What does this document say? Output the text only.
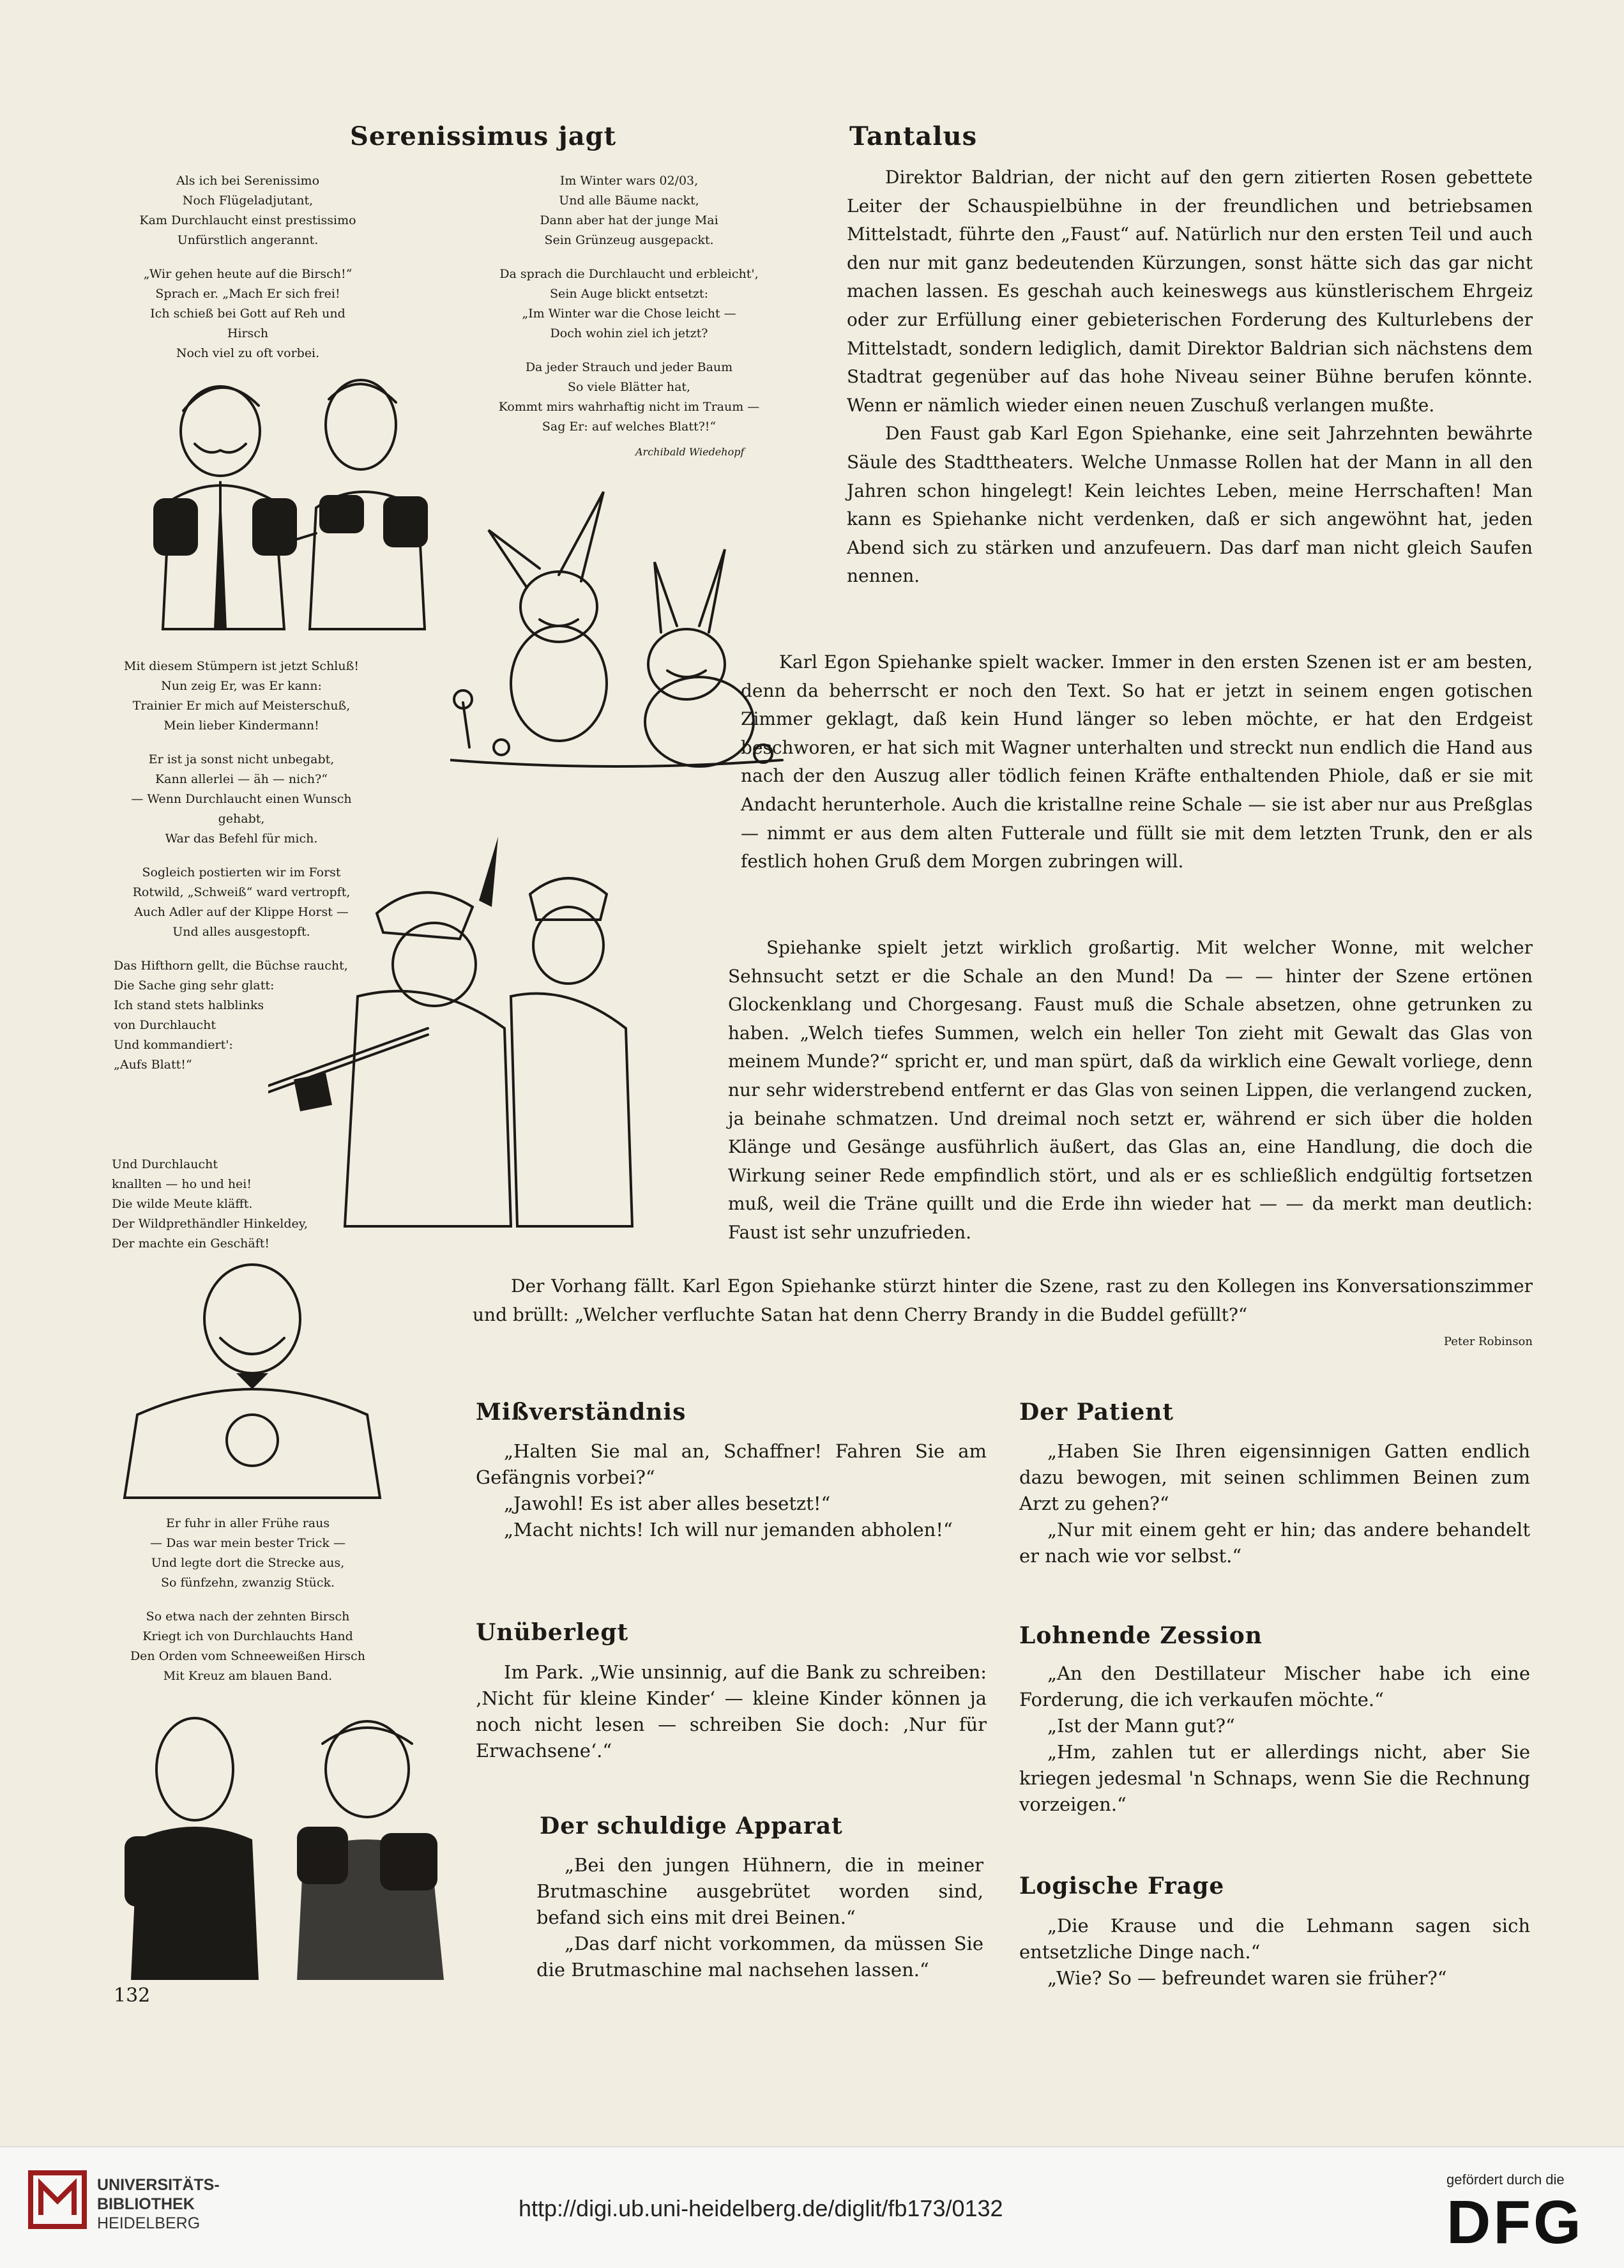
Serenissimus jagt

Als ich bei Serenissimo

Noch Flügeladjutant,

Kam Durchlaucht einst prestissimo

Unfürstlich angerannt.

„Wir gehen heute auf die Birsch!“

Sprach er. „Mach Er sich frei!

Ich schieß bei Gott auf Reh und Hirsch

Noch viel zu oft vorbei.

Im Winter wars 02/03,

Und alle Bäume nackt,

Dann aber hat der junge Mai

Sein Grünzeug ausgepackt.

Da sprach die Durchlaucht und erbleicht',

Sein Auge blickt entsetzt:

„Im Winter war die Chose leicht —

Doch wohin ziel ich jetzt?

Da jeder Strauch und jeder Baum

So viele Blätter hat,

Kommt mirs wahrhaftig nicht im Traum —

Sag Er: auf welches Blatt?!“

Archibald Wiedehopf

Mit diesem Stümpern ist jetzt Schluß!

Nun zeig Er, was Er kann:

Trainier Er mich auf Meisterschuß,

Mein lieber Kindermann!

Er ist ja sonst nicht unbegabt,

Kann allerlei — äh — nich?“

— Wenn Durchlaucht einen Wunsch gehabt,

War das Befehl für mich.

Sogleich postierten wir im Forst

Rotwild, „Schweiß“ ward vertropft,

Auch Adler auf der Klippe Horst —

Und alles ausgestopft.

Das Hifthorn gellt, die Büchse raucht,

Die Sache ging sehr glatt:

Ich stand stets halblinks

von Durchlaucht

Und kommandiert':

„Aufs Blatt!“

Und Durchlaucht

knallten — ho und hei!

Die wilde Meute kläfft.

Der Wildprethändler Hinkeldey,

Der machte ein Geschäft!

Er fuhr in aller Frühe raus

— Das war mein bester Trick —

Und legte dort die Strecke aus,

So fünfzehn, zwanzig Stück.

So etwa nach der zehnten Birsch

Kriegt ich von Durchlauchts Hand

Den Orden vom Schneeweißen Hirsch

Mit Kreuz am blauen Band.

132
Tantalus

Direktor Baldrian, der nicht auf den gern zitierten Rosen gebettete Leiter der Schauspielbühne in der freundlichen und betriebsamen Mittelstadt, führte den „Faust“ auf. Natürlich nur den ersten Teil und auch den nur mit ganz bedeutenden Kürzungen, sonst hätte sich das gar nicht machen lassen. Es geschah auch keineswegs aus künstlerischem Ehrgeiz oder zur Erfüllung einer gebieterischen Forderung des Kulturlebens der Mittelstadt, sondern lediglich, damit Direktor Baldrian sich nächstens dem Stadtrat gegenüber auf das hohe Niveau seiner Bühne berufen könnte. Wenn er nämlich wieder einen neuen Zuschuß verlangen mußte.

Den Faust gab Karl Egon Spiehanke, eine seit Jahrzehnten bewährte Säule des Stadttheaters. Welche Unmasse Rollen hat der Mann in all den Jahren schon hingelegt! Kein leichtes Leben, meine Herrschaften! Man kann es Spiehanke nicht verdenken, daß er sich angewöhnt hat, jeden Abend sich zu stärken und anzufeuern. Das darf man nicht gleich Saufen nennen.

Karl Egon Spiehanke spielt wacker. Immer in den ersten Szenen ist er am besten, denn da beherrscht er noch den Text. So hat er jetzt in seinem engen gotischen Zimmer geklagt, daß kein Hund länger so leben möchte, er hat den Erdgeist beschworen, er hat sich mit Wagner unterhalten und streckt nun endlich die Hand aus nach der den Auszug aller tödlich feinen Kräfte enthaltenden Phiole, daß er sie mit Andacht herunterhole. Auch die kristallne reine Schale — sie ist aber nur aus Preßglas — nimmt er aus dem alten Futterale und füllt sie mit dem letzten Trunk, den er als festlich hohen Gruß dem Morgen zubringen will.

Spiehanke spielt jetzt wirklich großartig. Mit welcher Wonne, mit welcher Sehnsucht setzt er die Schale an den Mund! Da — — hinter der Szene ertönen Glockenklang und Chorgesang. Faust muß die Schale absetzen, ohne getrunken zu haben. „Welch tiefes Summen, welch ein heller Ton zieht mit Gewalt das Glas von meinem Munde?“ spricht er, und man spürt, daß da wirklich eine Gewalt vorliege, denn nur sehr widerstrebend entfernt er das Glas von seinen Lippen, die verlangend zucken, ja beinahe schmatzen. Und dreimal noch setzt er, während er sich über die holden Klänge und Gesänge ausführlich äußert, das Glas an, eine Handlung, die doch die Wirkung seiner Rede empfindlich stört, und als er es schließlich endgültig fortsetzen muß, weil die Träne quillt und die Erde ihn wieder hat — — da merkt man deutlich: Faust ist sehr unzufrieden.

Der Vorhang fällt. Karl Egon Spiehanke stürzt hinter die Szene, rast zu den Kollegen ins Konversationszimmer und brüllt: „Welcher verfluchte Satan hat denn Cherry Brandy in die Buddel gefüllt?“

Peter Robinson
Mißverständnis

„Halten Sie mal an, Schaffner! Fahren Sie am Gefängnis vorbei?“

„Jawohl! Es ist aber alles besetzt!“

„Macht nichts! Ich will nur jemanden abholen!“

Der Patient

„Haben Sie Ihren eigensinnigen Gatten endlich dazu bewogen, mit seinen schlimmen Beinen zum Arzt zu gehen?“

„Nur mit einem geht er hin; das andere behandelt er nach wie vor selbst.“

Unüberlegt

Im Park. „Wie unsinnig, auf die Bank zu schreiben: ‚Nicht für kleine Kinder‘ — kleine Kinder können ja noch nicht lesen — schreiben Sie doch: ‚Nur für Erwachsene‘.“

Lohnende Zession

„An den Destillateur Mischer habe ich eine Forderung, die ich verkaufen möchte.“

„Ist der Mann gut?“

„Hm, zahlen tut er allerdings nicht, aber Sie kriegen jedesmal 'n Schnaps, wenn Sie die Rechnung vorzeigen.“

Der schuldige Apparat

„Bei den jungen Hühnern, die in meiner Brutmaschine ausgebrütet worden sind, befand sich eins mit drei Beinen.“

„Das darf nicht vorkommen, da müssen Sie die Brutmaschine mal nachsehen lassen.“

Logische Frage

„Die Krause und die Lehmann sagen sich entsetzliche Dinge nach.“

„Wie? So — befreundet waren sie früher?“

UNIVERSITÄTS-
BIBLIOTHEK
HEIDELBERG
http://digi.ub.uni-heidelberg.de/diglit/fb173/0132
gefördert durch die
DFG
